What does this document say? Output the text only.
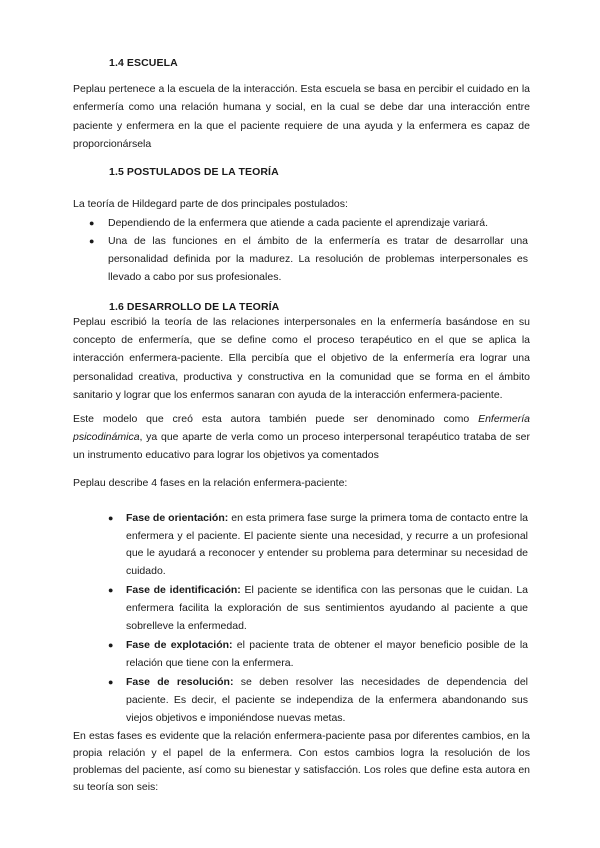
1.4 ESCUELA
Peplau pertenece a la escuela de la interacción. Esta escuela se basa en percibir el cuidado en la enfermería como una relación humana y social, en la cual se debe dar una interacción entre paciente y enfermera en la que el paciente requiere de una ayuda y la enfermera es capaz de proporcionársela
1.5 POSTULADOS DE LA TEORÍA
La teoría de Hildegard parte de dos principales postulados:
● Dependiendo de la enfermera que atiende a cada paciente el aprendizaje variará.
● Una de las funciones en el ámbito de la enfermería es tratar de desarrollar una personalidad definida por la madurez. La resolución de problemas interpersonales es llevado a cabo por sus profesionales.
1.6 DESARROLLO DE LA TEORÍA
Peplau escribió la teoría de las relaciones interpersonales en la enfermería basándose en su concepto de enfermería, que se define como el proceso terapéutico en el que se aplica la interacción enfermera-paciente. Ella percibía que el objetivo de la enfermería era lograr una personalidad creativa, productiva y constructiva en la comunidad que se forma en el ámbito sanitario y lograr que los enfermos sanaran con ayuda de la interacción enfermera-paciente.
Este modelo que creó esta autora también puede ser denominado como Enfermería psicodinámica, ya que aparte de verla como un proceso interpersonal terapéutico trataba de ser un instrumento educativo para lograr los objetivos ya comentados
Peplau describe 4 fases en la relación enfermera-paciente:
● Fase de orientación: en esta primera fase surge la primera toma de contacto entre la enfermera y el paciente. El paciente siente una necesidad, y recurre a un profesional que le ayudará a reconocer y entender su problema para determinar su necesidad de cuidado.
● Fase de identificación: El paciente se identifica con las personas que le cuidan. La enfermera facilita la exploración de sus sentimientos ayudando al paciente a que sobrelleve la enfermedad.
● Fase de explotación: el paciente trata de obtener el mayor beneficio posible de la relación que tiene con la enfermera.
● Fase de resolución: se deben resolver las necesidades de dependencia del paciente. Es decir, el paciente se independiza de la enfermera abandonando sus viejos objetivos e imponiéndose nuevas metas.
En estas fases es evidente que la relación enfermera-paciente pasa por diferentes cambios, en la propia relación y el papel de la enfermera. Con estos cambios logra la resolución de los problemas del paciente, así como su bienestar y satisfacción. Los roles que define esta autora en su teoría son seis:
